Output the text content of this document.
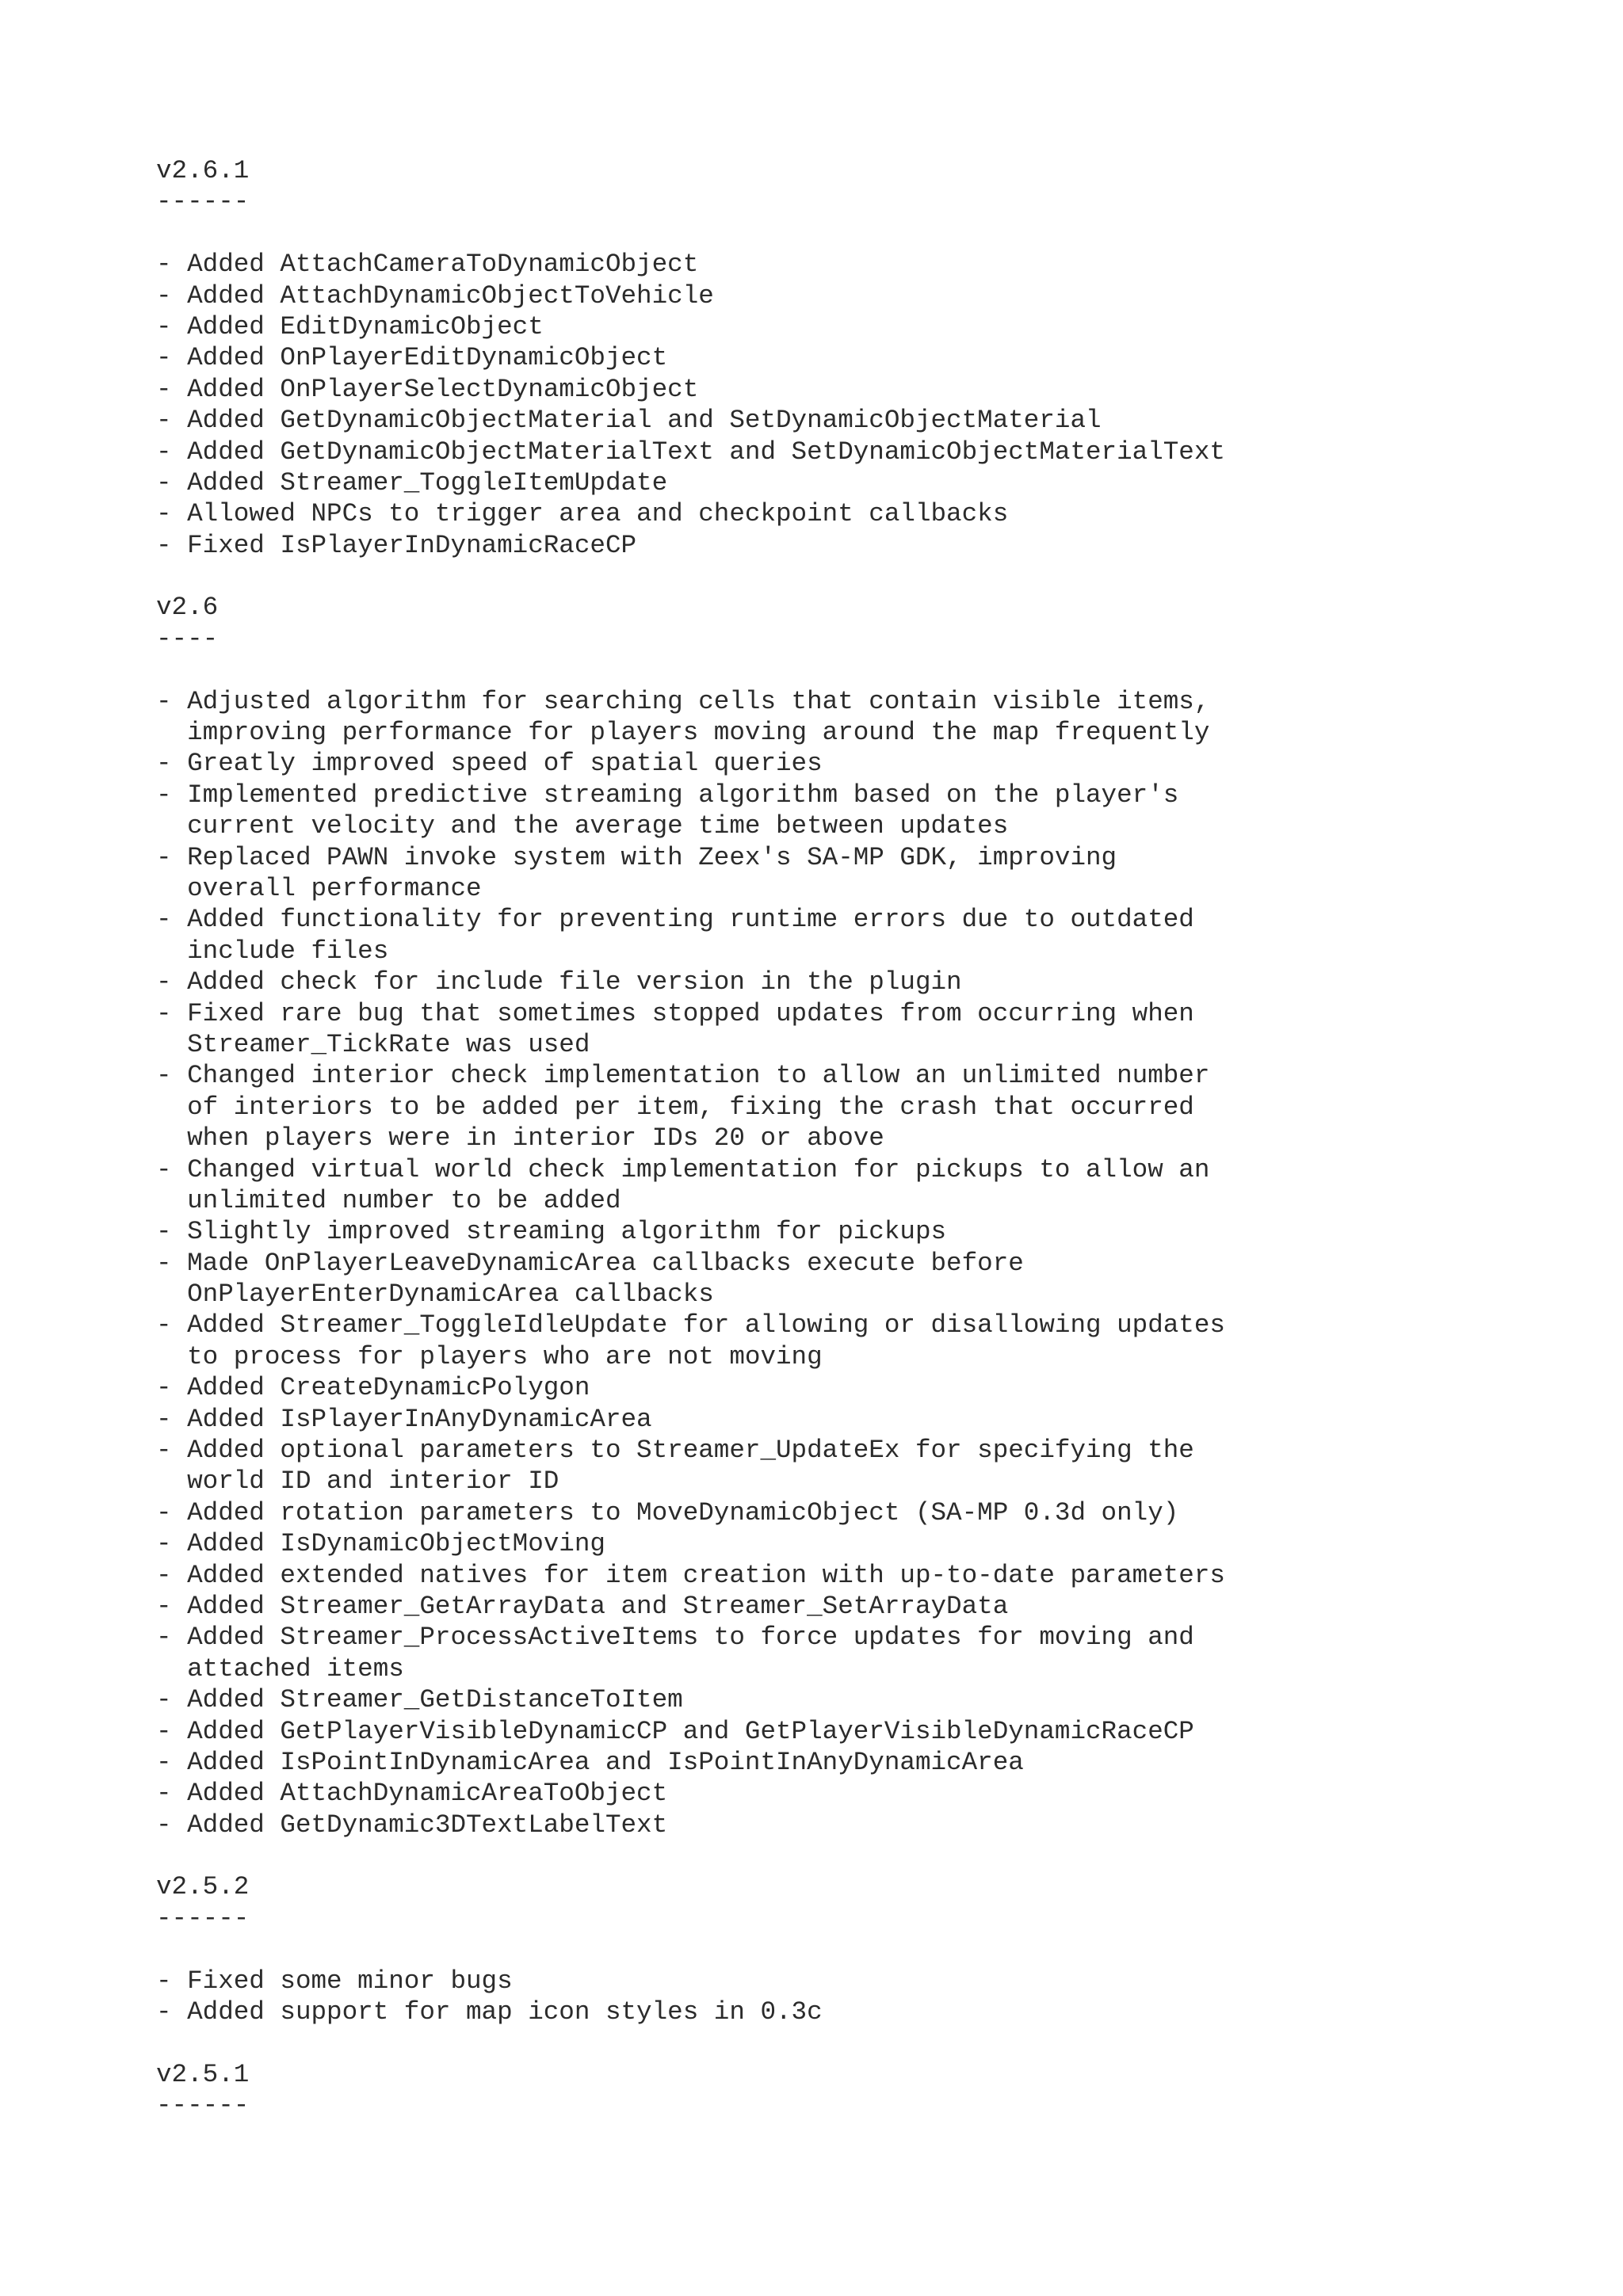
v2.6.1
------
- Added AttachCameraToDynamicObject
- Added AttachDynamicObjectToVehicle
- Added EditDynamicObject
- Added OnPlayerEditDynamicObject
- Added OnPlayerSelectDynamicObject
- Added GetDynamicObjectMaterial and SetDynamicObjectMaterial
- Added GetDynamicObjectMaterialText and SetDynamicObjectMaterialText
- Added Streamer_ToggleItemUpdate
- Allowed NPCs to trigger area and checkpoint callbacks
- Fixed IsPlayerInDynamicRaceCP
v2.6
----
- Adjusted algorithm for searching cells that contain visible items,
improving performance for players moving around the map frequently
- Greatly improved speed of spatial queries
- Implemented predictive streaming algorithm based on the player's
current velocity and the average time between updates
- Replaced PAWN invoke system with Zeex's SA-MP GDK, improving
overall performance
- Added functionality for preventing runtime errors due to outdated
include files
- Added check for include file version in the plugin
- Fixed rare bug that sometimes stopped updates from occurring when
Streamer_TickRate was used
- Changed interior check implementation to allow an unlimited number
of interiors to be added per item, fixing the crash that occurred
when players were in interior IDs 20 or above
- Changed virtual world check implementation for pickups to allow an
unlimited number to be added
- Slightly improved streaming algorithm for pickups
- Made OnPlayerLeaveDynamicArea callbacks execute before
OnPlayerEnterDynamicArea callbacks
- Added Streamer_ToggleIdleUpdate for allowing or disallowing updates
to process for players who are not moving
- Added CreateDynamicPolygon
- Added IsPlayerInAnyDynamicArea
- Added optional parameters to Streamer_UpdateEx for specifying the
world ID and interior ID
- Added rotation parameters to MoveDynamicObject (SA-MP 0.3d only)
- Added IsDynamicObjectMoving
- Added extended natives for item creation with up-to-date parameters
- Added Streamer_GetArrayData and Streamer_SetArrayData
- Added Streamer_ProcessActiveItems to force updates for moving and
attached items
- Added Streamer_GetDistanceToItem
- Added GetPlayerVisibleDynamicCP and GetPlayerVisibleDynamicRaceCP
- Added IsPointInDynamicArea and IsPointInAnyDynamicArea
- Added AttachDynamicAreaToObject
- Added GetDynamic3DTextLabelText
v2.5.2
------
- Fixed some minor bugs
- Added support for map icon styles in 0.3c
v2.5.1
------
